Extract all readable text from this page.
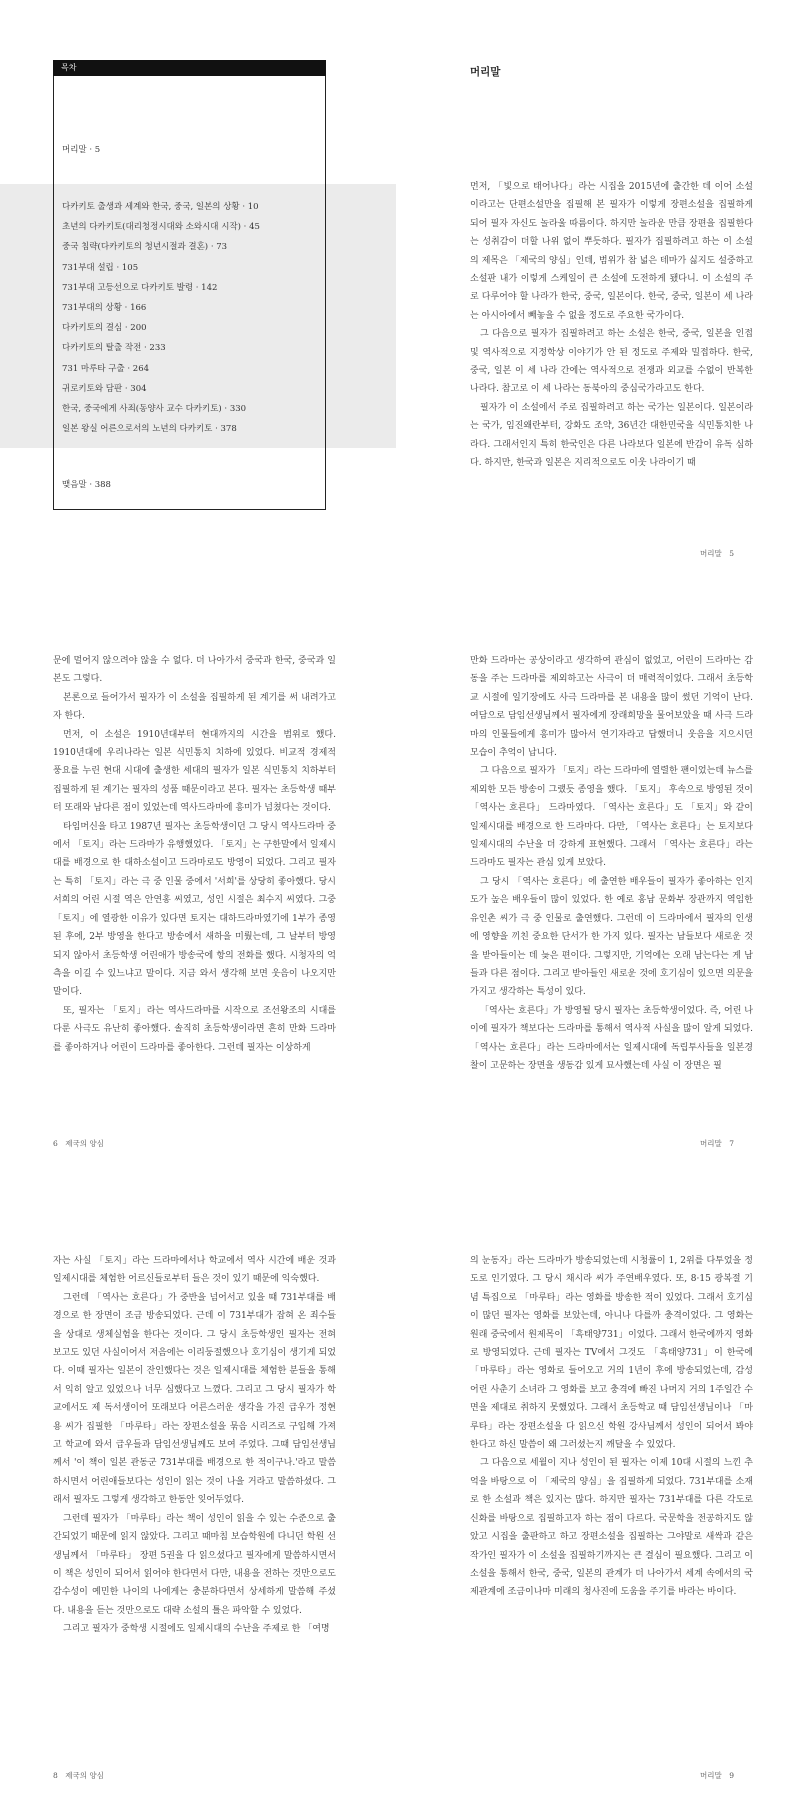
목차
머리말 · 5
다카키토 출생과 세계와 한국, 중국, 일본의 상황 · 10
초년의 다카키토(대리청정시대와 소와시대 시작) · 45
중국 침략(다카키토의 청년시절과 결혼) · 73
731부대 설립 · 105
731부대 고등선으로 다카키토 발령 · 142
731부대의 상황 · 166
다카키토의 결심 · 200
다카키토의 탈출 작전 · 233
731 마루타 구출 · 264
귀로키토와 담판 · 304
한국, 중국에게 사죄(동양사 교수 다카키토) · 330
일본 왕실 어른으로서의 노년의 다카키토 · 378
맺음말 · 388
머리말

먼저, 「빛으로 태어나다」라는 시집을 2015년에 출간한 데 이어 소설이라고는 단편소설만을 집필해 본 필자가 이렇게 장편소설을 집필하게 되어 필자 자신도 놀라울 따름이다. 하지만 놀라운 만큼 장편을 집필한다는 성취감이 더할 나위 없이 뿌듯하다. 필자가 집필하려고 하는 이 소설의 제목은 「제국의 양심」인데, 범위가 참 넓은 테마가 싫지도 설중하고 소설판 내가 이렇게 스케일이 큰 소설에 도전하게 됐다니. 이 소설의 주로 다루어야 할 나라가 한국, 중국, 일본이다. 한국, 중국, 일본이 세 나라는 아시아에서 빼놓을 수 없을 정도로 주요한 국가이다.

그 다음으로 필자가 집필하려고 하는 소설은 한국, 중국, 일본을 인접 및 역사적으로 지정학상 이야기가 안 된 정도로 주제와 밀접하다. 한국, 중국, 일본 이 세 나라 간에는 역사적으로 전쟁과 외교를 수없이 반복한 나라다. 참고로 이 세 나라는 동북아의 중심국가라고도 한다.

필자가 이 소설에서 주로 집필하려고 하는 국가는 일본이다. 일본이라는 국가, 임진왜란부터, 강화도 조약, 36년간 대한민국을 식민통치한 나라다. 그래서인지 특히 한국인은 다른 나라보다 일본에 반감이 유독 심하다. 하지만, 한국과 일본은 지리적으로도 이웃 나라이기 때

머리말　5

문에 멀어지 않으려야 않을 수 없다. 더 나아가서 중국과 한국, 중국과 일본도 그렇다.

본론으로 들어가서 필자가 이 소설을 집필하게 된 계기를 써 내려가고자 한다.

먼저, 이 소설은 1910년대부터 현대까지의 시간을 범위로 했다. 1910년대에 우리나라는 일본 식민통치 치하에 있었다. 비교적 경제적 풍요를 누린 현대 시대에 출생한 세대의 필자가 일본 식민통치 치하부터 집필하게 된 계기는 필자의 성품 때문이라고 본다. 필자는 초등학생 때부터 또래와 남다른 점이 있었는데 역사드라마에 흥미가 넘쳤다는 것이다.

타임머신을 타고 1987년 필자는 초등학생이던 그 당시 역사드라마 중에서 「토지」라는 드라마가 유행했었다. 「토지」는 구한말에서 일제시대를 배경으로 한 대하소설이고 드라마로도 방영이 되었다. 그리고 필자는 특히 「토지」라는 극 중 인물 중에서 '서희'를 상당히 좋아했다. 당시 서희의 어린 시절 역은 안연홍 씨였고, 성인 시절은 최수지 씨였다. 그중 「토지」에 열광한 이유가 있다면 토지는 대하드라마였기에 1부가 종영된 후에, 2부 방영을 한다고 방송에서 새하을 미뤘는데, 그 날부터 방영되지 않아서 초등학생 어린애가 방송국에 항의 전화를 했다. 시청자의 억측을 이길 수 있느냐고 말이다. 지금 와서 생각해 보면 웃음이 나오지만 말이다.

또, 필자는 「토지」라는 역사드라마를 시작으로 조선왕조의 시대를 다룬 사극도 유난히 좋아했다. 솔직히 초등학생이라면 흔히 만화 드라마를 좋아하거나 어린이 드라마를 좋아한다. 그런데 필자는 이상하게

6　제국의 양심

만화 드라마는 공상이라고 생각하여 관심이 없었고, 어린이 드라마는 감동을 주는 드라마를 제외하고는 사극이 더 매력적이었다. 그래서 초등학교 시절에 일기장에도 사극 드라마를 본 내용을 많이 썼던 기억이 난다. 여담으로 담임선생님께서 필자에게 장래희망을 물어보았을 때 사극 드라마의 인물들에게 흥미가 많아서 연기자라고 답했더니 웃음을 지으시던 모습이 추억이 납니다.

그 다음으로 필자가 「토지」라는 드라마에 열렬한 팬이었는데 뉴스를 제외한 모든 방송이 그랬듯 종영을 했다. 「토지」 후속으로 방영된 것이 「역사는 흐른다」 드라마였다. 「역사는 흐른다」도 「토지」와 같이 일제시대를 배경으로 한 드라마다. 다만, 「역사는 흐른다」는 토지보다 일제시대의 수난을 더 강하게 표현했다. 그래서 「역사는 흐른다」라는 드라마도 필자는 관심 있게 보았다.

그 당시 「역사는 흐른다」에 출연한 배우들이 필자가 좋아하는 인지도가 높은 배우들이 많이 있었다. 한 예로 홍남 문화부 장관까지 역임한 유인촌 씨가 극 중 인물로 출연했다. 그런데 이 드라마에서 필자의 인생에 영향을 끼친 중요한 단서가 한 가지 있다. 필자는 남들보다 새로운 것을 받아들이는 데 늦은 편이다. 그렇지만, 기억에는 오래 남는다는 게 남들과 다른 점이다. 그리고 받아들인 새로운 것에 호기심이 있으면 의문을 가지고 생각하는 특성이 있다.

「역사는 흐른다」가 방영될 당시 필자는 초등학생이었다. 즉, 어린 나이에 필자가 책보다는 드라마를 통해서 역사적 사실을 많이 알게 되었다. 「역사는 흐른다」라는 드라마에서는 일제시대에 독립투사들을 일본경찰이 고문하는 장면을 생동감 있게 묘사했는데 사실 이 장면은 필

머리말　7

자는 사실 「토지」라는 드라마에서나 학교에서 역사 시간에 배운 것과 일제시대를 체험한 어르신들로부터 들은 것이 있기 때문에 익숙했다.

그런데 「역사는 흐른다」가 중반을 넘어서고 있을 때 731부대를 배경으로 한 장면이 조금 방송되었다. 근데 이 731부대가 잡혀 온 죄수들을 상대로 생체실험을 한다는 것이다. 그 당시 초등학생인 필자는 전혀 보고도 있던 사실이어서 저음에는 이리둥절했으나 호기심이 생기게 되었다. 이때 필자는 일본이 잔인했다는 것은 일제시대를 체험한 분들을 통해서 익히 알고 있었으나 너무 심했다고 느꼈다. 그리고 그 당시 필자가 학교에서도 제 독서생이어 또래보다 어른스러운 생각을 가진 급우가 정현용 씨가 집필한 「마루타」라는 장편소설을 묶음 시리즈로 구입해 가져고 학교에 와서 급우들과 담임선생님께도 보여 주었다. 그때 담임선생님께서 '이 책이 일본 관동군 731부대를 배경으로 한 적이구나.'라고 말씀하시면서 어린애들보다는 성인이 읽는 것이 나을 거라고 말씀하셨다. 그래서 필자도 그렇게 생각하고 한동안 잊어두었다.

그런데 필자가 「마루타」라는 책이 성인이 읽을 수 있는 수준으로 출간되었기 때문에 읽지 않았다. 그리고 때마침 보습학원에 다니던 학원 선생님께서 「마루타」 장편 5권을 다 읽으셨다고 필자에게 말씀하시면서 이 책은 성인이 되어서 읽어야 한다면서 다만, 내용을 전하는 것만으로도 감수성이 예민한 나이의 나에게는 충분하다면서 상세하게 말씀해 주셨다. 내용을 듣는 것만으로도 대략 소설의 틀은 파악할 수 있었다.

그리고 필자가 중학생 시절에도 일제시대의 수난을 주제로 한 「여명

8　제국의 양심

의 눈동자」라는 드라마가 방송되었는데 시청률이 1, 2위를 다투었을 정도로 인기였다. 그 당시 채시라 씨가 주연배우였다. 또, 8·15 광복절 기념 특집으로 「마루타」라는 영화를 방송한 적이 있었다. 그래서 호기심이 많던 필자는 영화를 보았는데, 아니나 다를까 충격이었다. 그 영화는 원래 중국에서 원제목이 「흑태양731」이었다. 그래서 한국에까지 영화로 방영되었다. 근데 필자는 TV에서 그것도 「흑태양731」이 한국에 「마루타」라는 영화로 들어오고 거의 1년이 후에 방송되었는데, 감성 어린 사춘기 소녀라 그 영화를 보고 충격에 빠진 나머지 거의 1주일간 수면을 제대로 취하지 못했었다. 그래서 초등학교 때 담임선생님이나 「마루타」라는 장편소설을 다 읽으신 학원 강사님께서 성인이 되어서 봐야 한다고 하신 말씀이 왜 그러셨는지 깨달을 수 있었다.

그 다음으로 세월이 지나 성인이 된 필자는 이제 10대 시절의 느낀 추억을 바탕으로 이 「제국의 양심」을 집필하게 되었다. 731부대를 소재로 한 소설과 책은 있지는 많다. 하지만 필자는 731부대를 다른 각도로 신화를 바탕으로 집필하고자 하는 점이 다르다. 국문학을 전공하지도 않았고 시집을 출판하고 하고 장편소설을 집필하는 그야말로 새싹과 같은 작가인 필자가 이 소설을 집필하기까지는 큰 결심이 필요했다. 그리고 이 소설을 통해서 한국, 중국, 일본의 관계가 더 나아가서 세계 속에서의 국제관계에 조금이나마 미래의 청사진에 도움을 주기를 바라는 바이다.

머리말　9
